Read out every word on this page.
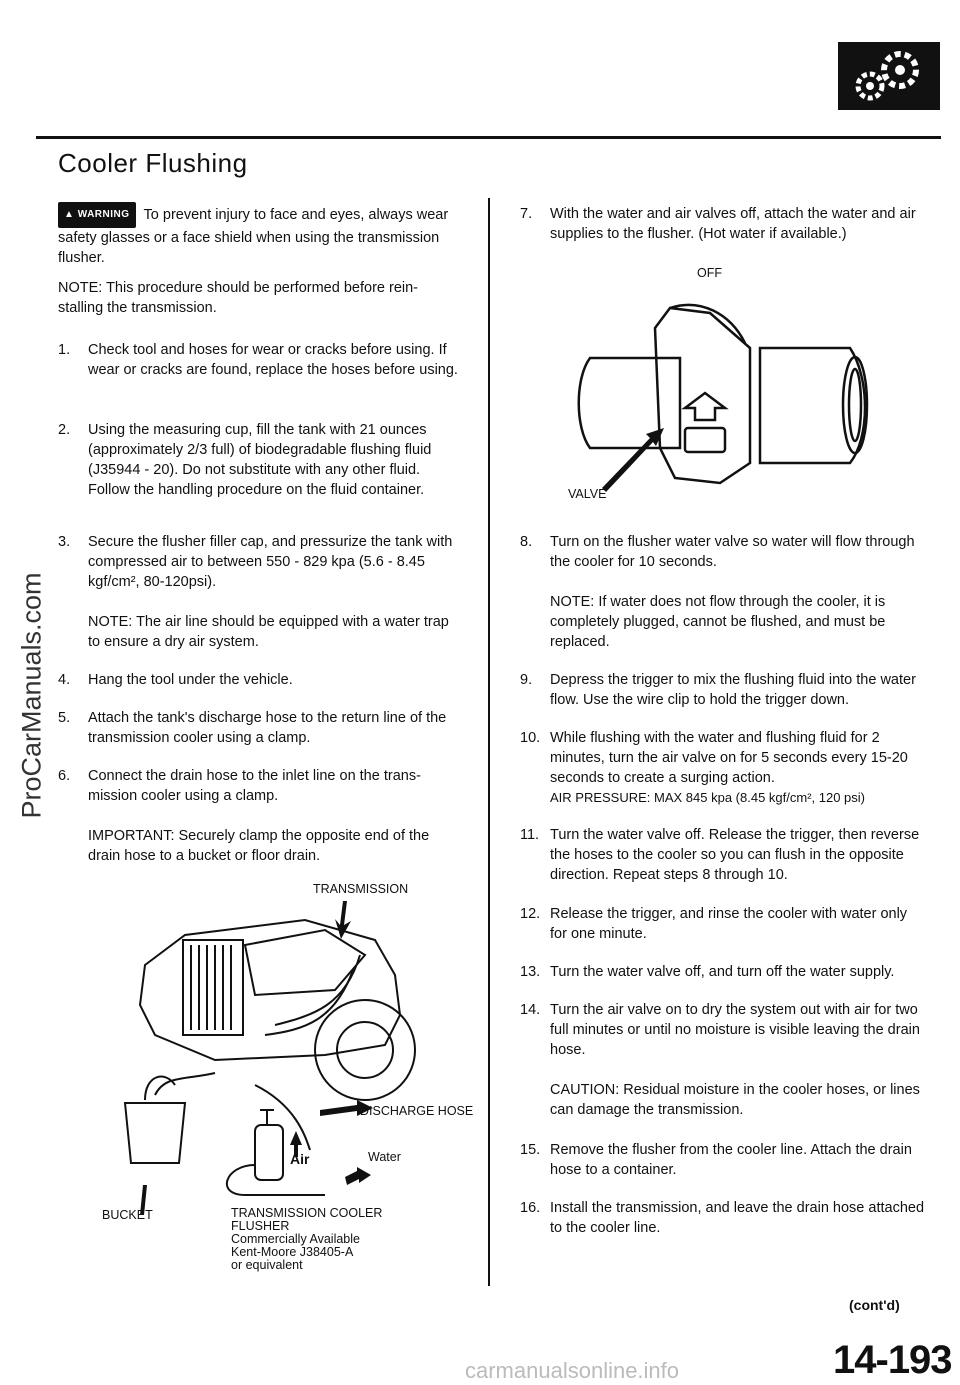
Cooler Flushing
ProCarManuals.com
▲ WARNING To prevent injury to face and eyes, always wear safety glasses or a face shield when using the transmission flusher.
NOTE: This procedure should be performed before rein-stalling the transmission.
1.	Check tool and hoses for wear or cracks before using. If wear or cracks are found, replace the hoses before using.
2.	Using the measuring cup, fill the tank with 21 ounces (approximately 2/3 full) of biodegradable flushing fluid (J35944 - 20). Do not substitute with any other fluid. Follow the handling procedure on the fluid container.
3.	Secure the flusher filler cap, and pressurize the tank with compressed air to between 550 - 829 kpa (5.6 - 8.45 kgf/cm², 80-120psi).
NOTE: The air line should be equipped with a water trap to ensure a dry air system.
4.	Hang the tool under the vehicle.
5.	Attach the tank's discharge hose to the return line of the transmission cooler using a clamp.
6.	Connect the drain hose to the inlet line on the trans-mission cooler using a clamp.
IMPORTANT: Securely clamp the opposite end of the drain hose to a bucket or floor drain.
TRANSMISSION
DISCHARGE HOSE
Air	Water
BUCKET	TRANSMISSION COOLER
FLUSHER
Commercially Available
Kent-Moore J38405-A
or equivalent
7.	With the water and air valves off, attach the water and air supplies to the flusher. (Hot water if available.)
OFF
VALVE
8.	Turn on the flusher water valve so water will flow through the cooler for 10 seconds.
NOTE: If water does not flow through the cooler, it is completely plugged, cannot be flushed, and must be replaced.
9.	Depress the trigger to mix the flushing fluid into the water flow. Use the wire clip to hold the trigger down.
10. While flushing with the water and flushing fluid for 2 minutes, turn the air valve on for 5 seconds every 15-20 seconds to create a surging action.
AIR PRESSURE: MAX 845 kpa (8.45 kgf/cm², 120 psi)
11. Turn the water valve off. Release the trigger, then reverse the hoses to the cooler so you can flush in the opposite direction. Repeat steps 8 through 10.
12. Release the trigger, and rinse the cooler with water only for one minute.
13. Turn the water valve off, and turn off the water supply.
14. Turn the air valve on to dry the system out with air for two full minutes or until no moisture is visible leaving the drain hose.
CAUTION: Residual moisture in the cooler hoses, or lines can damage the transmission.
15. Remove the flusher from the cooler line. Attach the drain hose to a container.
16. Install the transmission, and leave the drain hose attached to the cooler line.
(cont'd)
14-193
carmanualsonline.info
